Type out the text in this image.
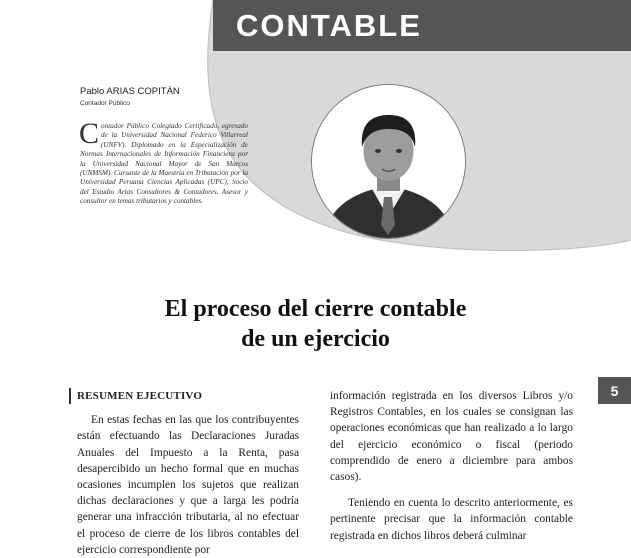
CONTABLE
Pablo ARIAS COPITÁN
Contador Público
Contador Público Colegiado Certificado, egresado de la Universidad Nacional Federico Villarreal (UNFV). Diplomado en la Especialización de Normas Internacionales de Información Financiera por la Universidad Nacional Mayor de San Marcos (UNMSM). Cursante de la Maestría en Tributación por la Universidad Peruana Ciencias Aplicadas (UPC), Socio del Estudio Arias Consultores & Contadores. Asesor y consultor en temas tributarios y contables.
El proceso del cierre contable
de un ejercicio
RESUMEN EJECUTIVO

En estas fechas en las que los contribuyentes están efectuando las Declaraciones Juradas Anuales del Impuesto a la Renta, pasa desapercibido un hecho formal que en muchas ocasiones incumplen los sujetos que realizan dichas declaraciones y que a larga les podría generar una infracción tributaria, al no efectuar el proceso de cierre de los libros contables del ejercicio correspondiente por

información registrada en los diversos Libros y/o Registros Contables, en los cuales se consignan las operaciones económicas que han realizado a lo largo del ejercicio económico o fiscal (periodo comprendido de enero a diciembre para ambos casos).

Teniendo en cuenta lo descrito anteriormente, es pertinente precisar que la información contable registrada en dichos libros deberá culminar

5
